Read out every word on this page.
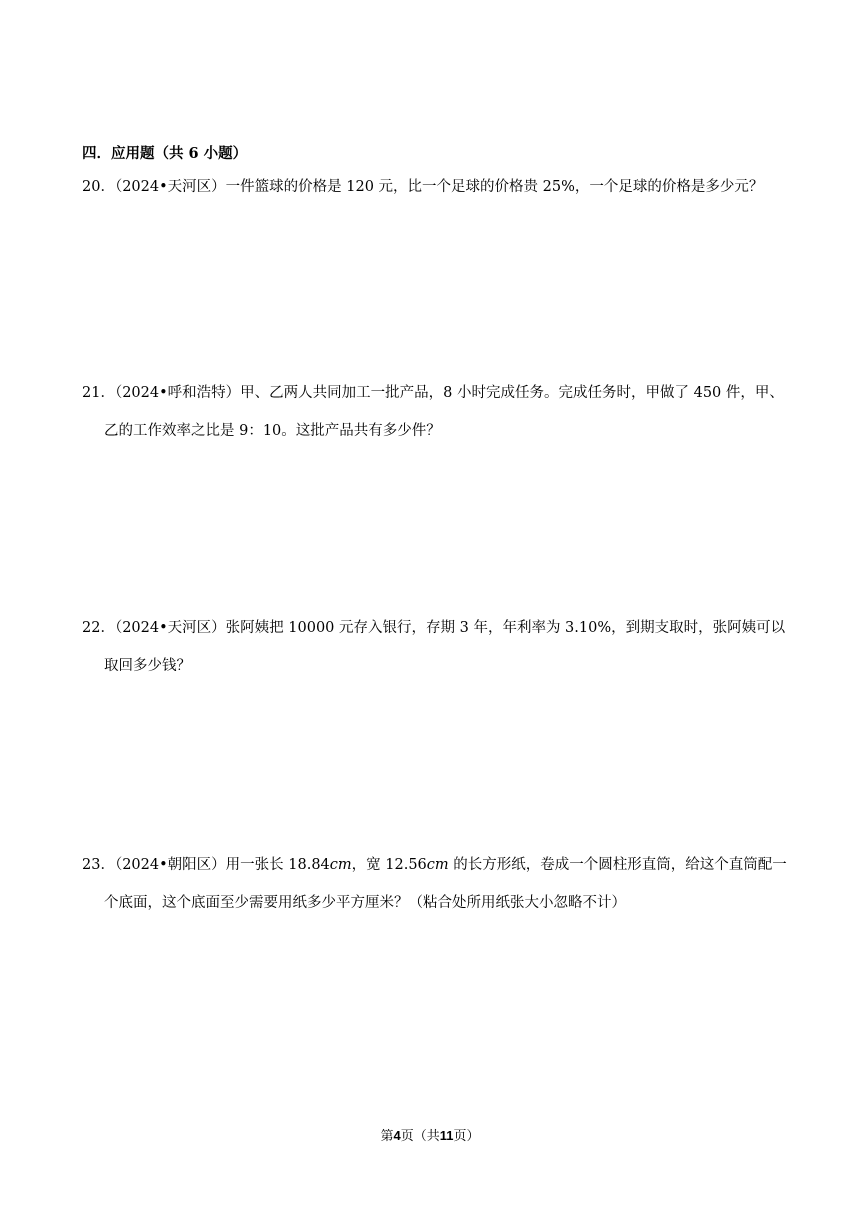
四．应用题（共 6 小题）
20．（2024•天河区）一件篮球的价格是 120 元，比一个足球的价格贵 25%，一个足球的价格是多少元？
21．（2024•呼和浩特）甲、乙两人共同加工一批产品，8 小时完成任务。完成任务时，甲做了 450 件，甲、
乙的工作效率之比是 9：10。这批产品共有多少件？
22．（2024•天河区）张阿姨把 10000 元存入银行，存期 3 年，年利率为 3.10%，到期支取时，张阿姨可以
取回多少钱？
23．（2024•朝阳区）用一张长 18.84cm，宽 12.56cm 的长方形纸，卷成一个圆柱形直筒，给这个直筒配一
个底面，这个底面至少需要用纸多少平方厘米？（粘合处所用纸张大小忽略不计）
第4页（共11页）
